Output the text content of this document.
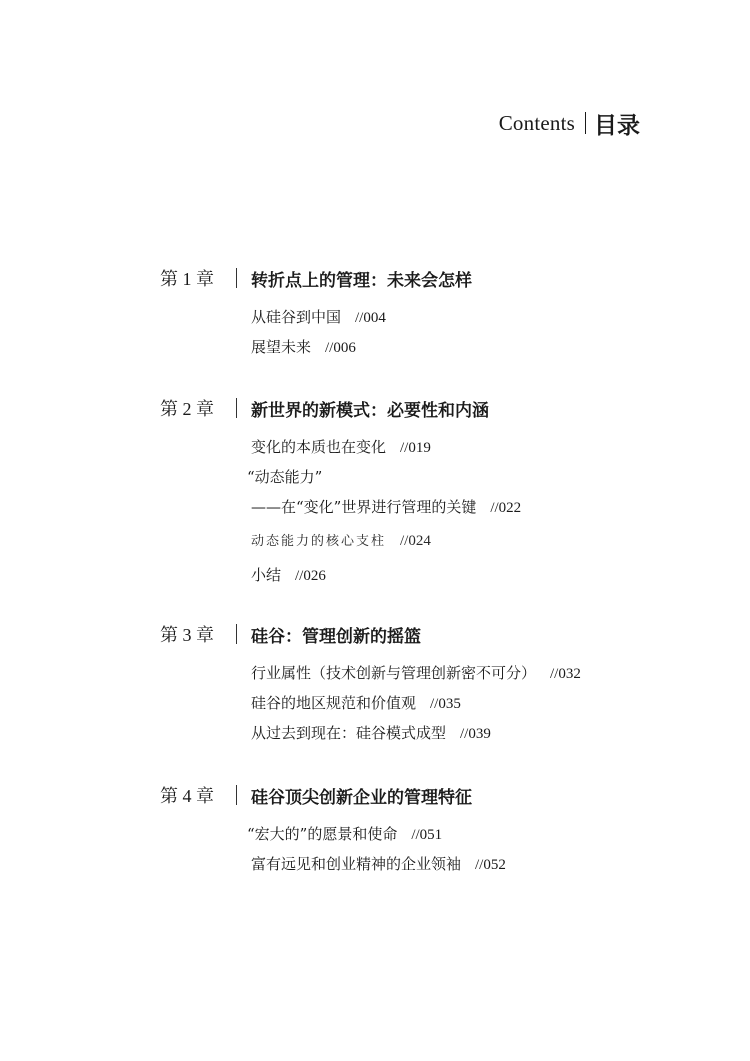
Contents 目录
第 1 章	转折点上的管理：未来会怎样
从硅谷到中国 //004
展望未来 //006
第 2 章	新世界的新模式：必要性和内涵
变化的本质也在变化 //019
“动态能力”
——在“变化”世界进行管理的关键 //022
动态能力的核心支柱 //024
小结 //026
第 3 章	硅谷：管理创新的摇篮
行业属性（技术创新与管理创新密不可分） //032
硅谷的地区规范和价值观 //035
从过去到现在：硅谷模式成型 //039
第 4 章	硅谷顶尖创新企业的管理特征
“宏大的”的愿景和使命 //051
富有远见和创业精神的企业领袖 //052
